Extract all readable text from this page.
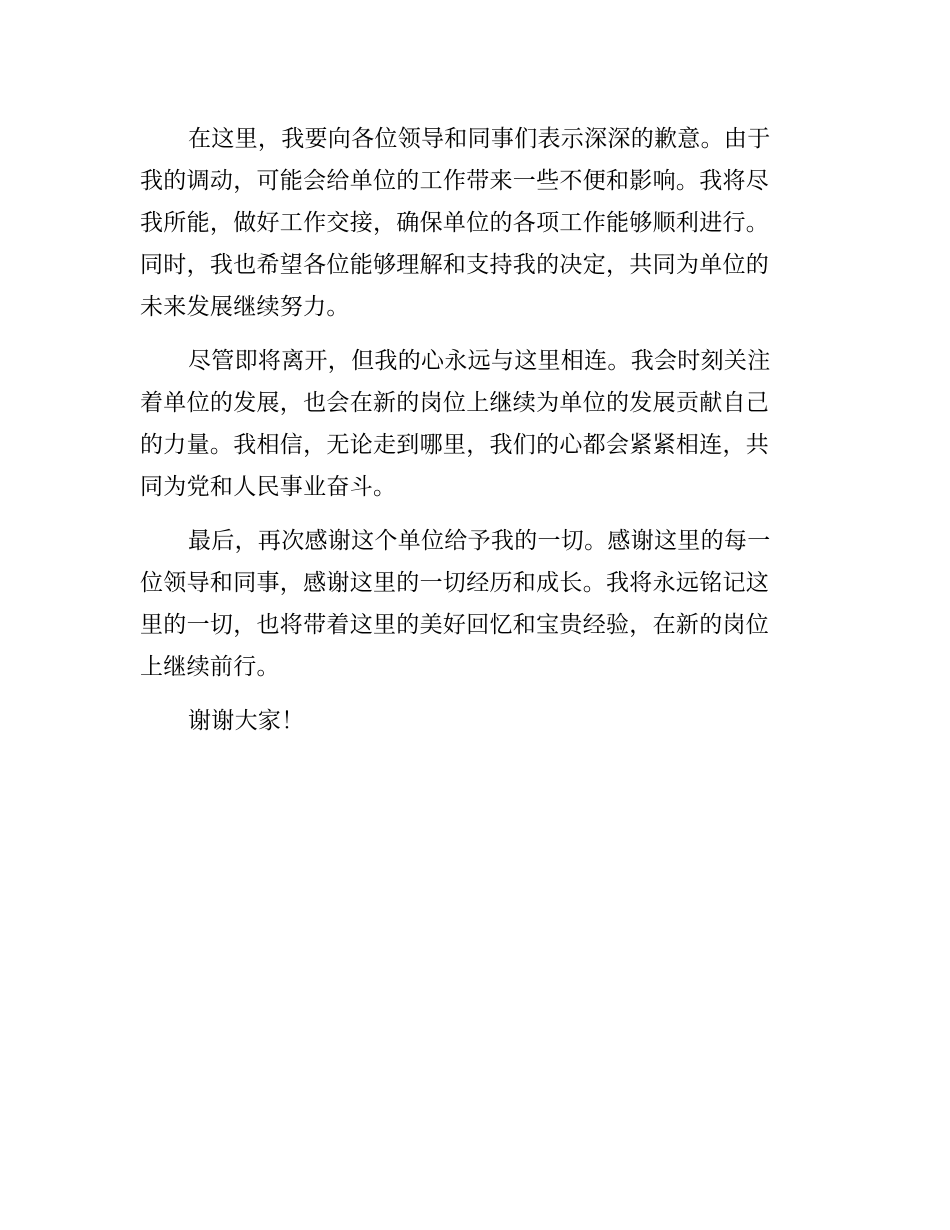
在这里，我要向各位领导和同事们表示深深的歉意。由于
我的调动，可能会给单位的工作带来一些不便和影响。我将尽
我所能，做好工作交接，确保单位的各项工作能够顺利进行。
同时，我也希望各位能够理解和支持我的决定，共同为单位的
未来发展继续努力。
尽管即将离开，但我的心永远与这里相连。我会时刻关注
着单位的发展，也会在新的岗位上继续为单位的发展贡献自己
的力量。我相信，无论走到哪里，我们的心都会紧紧相连，共
同为党和人民事业奋斗。
最后，再次感谢这个单位给予我的一切。感谢这里的每一
位领导和同事，感谢这里的一切经历和成长。我将永远铭记这
里的一切，也将带着这里的美好回忆和宝贵经验，在新的岗位
上继续前行。
谢谢大家！
